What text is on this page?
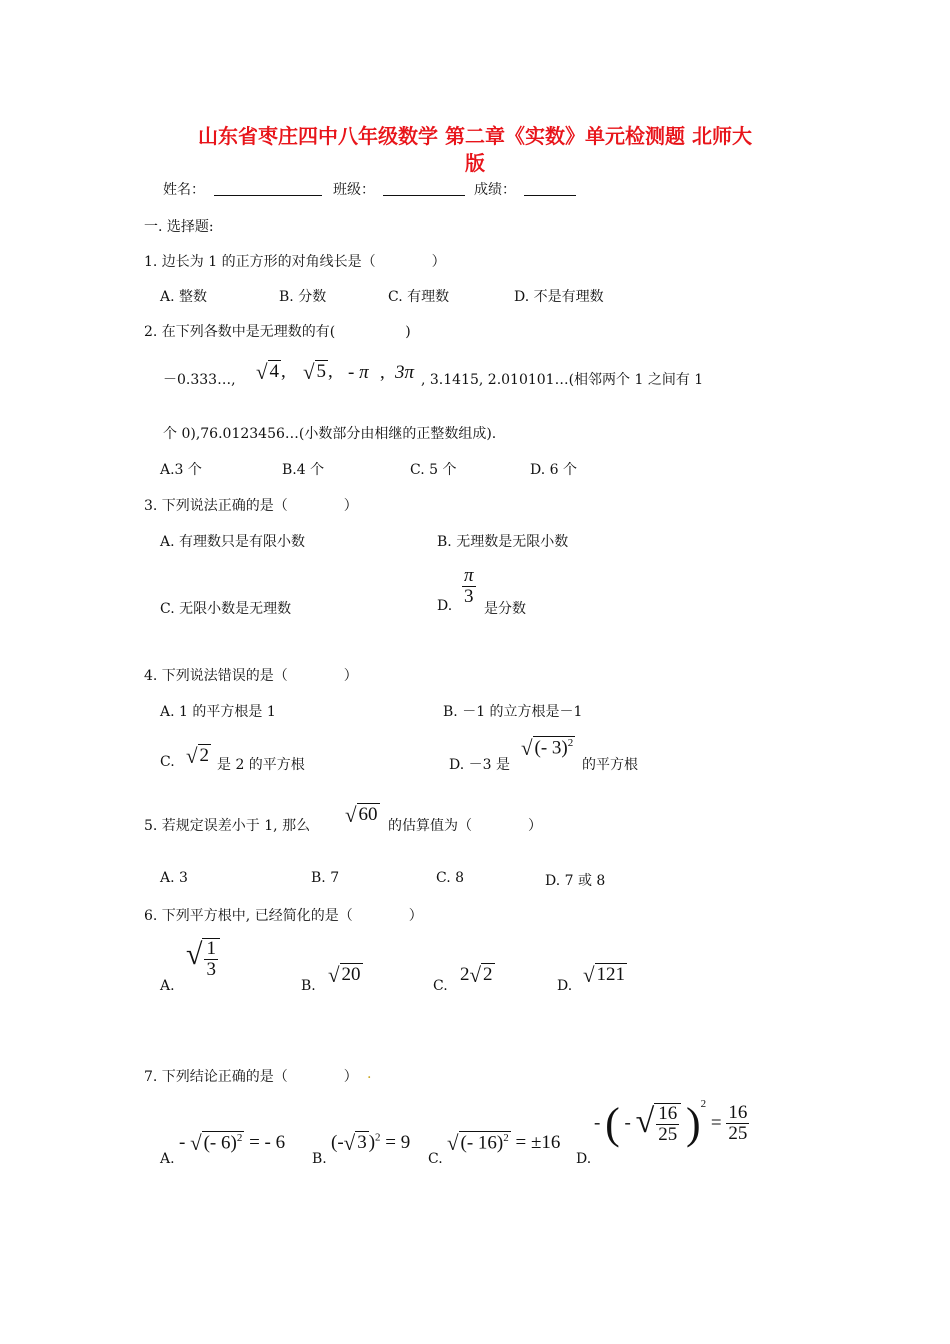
山东省枣庄四中八年级数学 第二章《实数》单元检测题 北师大
版
姓名：	班级：	成绩：
一. 选择题:
1. 边长为 1 的正方形的对角线长是（　　　　）
A. 整数	B. 分数	C. 有理数	D. 不是有理数
2. 在下列各数中是无理数的有(　　　　　)
－0.333…, √ 4 , √ 5 , - π , 3π , 3.1415, 2.010101…(相邻两个 1 之间有 1
个 0),76.0123456…(小数部分由相继的正整数组成).
A.3 个	B.4 个	C. 5 个	D. 6 个
3. 下列说法正确的是（　　　　）
A. 有理数只是有限小数	B. 无理数是无限小数
C. 无限小数是无理数	D. $\frac{\pi}{3}$
是分数
4. 下列说法错误的是（　　　　）
A. 1 的平方根是 1	B. －1 的立方根是－1
C. √ 2 是 2 的平方根	D. －3 是
√ (- 3)$^2$
的平方根
5. 若规定误差小于 1, 那么 √ 60
的估算值为（　　　　）
A. 3	B. 7	C. 8	D. 7 或 8
6. 下列平方根中, 已经简化的是（　　　　）
A.
√ $\frac{1}{3}$
B. √ 20
C.
2√ 2
D. √ 121
7. 下列结论正确的是（　　　　） .
A.
- √ (- 6)$^2$ = - 6
B.
(-√ 3 )$^2$ = 9
C.
√ (- 16)$^2$ = ±16
D.
- ( - √ $\frac{16}{25} )^2 = \frac{16}{25}$
